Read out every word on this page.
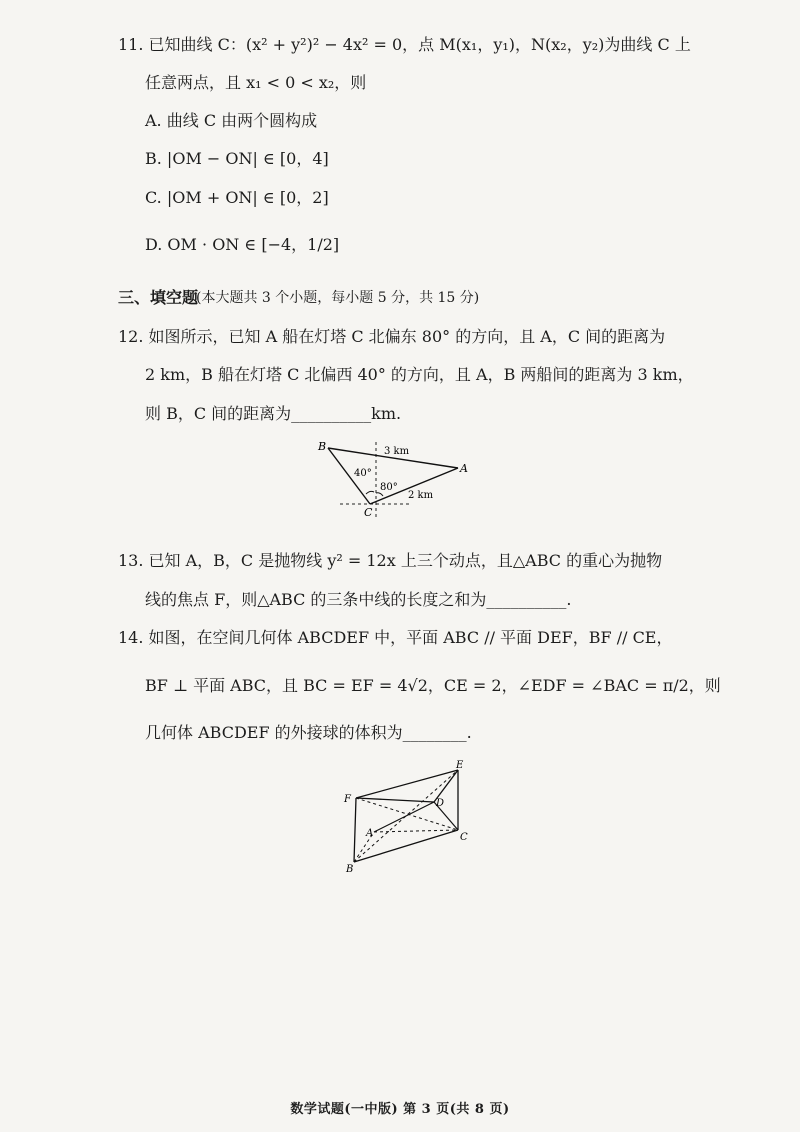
11. 已知曲线 C：(x² + y²)² − 4x² = 0，点 M(x₁，y₁)，N(x₂，y₂)为曲线 C 上
任意两点，且 x₁ < 0 < x₂，则
A. 曲线 C 由两个圆构成
B. |OM − ON| ∈ [0，4]
C. |OM + ON| ∈ [0，2]
D. OM · ON ∈ [−4，1/2]
三、填空题
(本大题共 3 个小题，每小题 5 分，共 15 分)
12. 如图所示，已知 A 船在灯塔 C 北偏东 80° 的方向，且 A，C 间的距离为
2 km，B 船在灯塔 C 北偏西 40° 的方向，且 A，B 两船间的距离为 3 km，
则 B，C 间的距离为__________km.
B
A
C
3 km
2 km
40°
80°
13. 已知 A，B，C 是抛物线 y² = 12x 上三个动点，且△ABC 的重心为抛物
线的焦点 F，则△ABC 的三条中线的长度之和为__________.
14. 如图，在空间几何体 ABCDEF 中，平面 ABC // 平面 DEF，BF // CE，
BF ⊥ 平面 ABC，且 BC = EF = 4√2，CE = 2，∠EDF = ∠BAC = π/2，则
几何体 ABCDEF 的外接球的体积为________.
E
F	D
A	C
B
数学试题(一中版) 第 3 页(共 8 页)
